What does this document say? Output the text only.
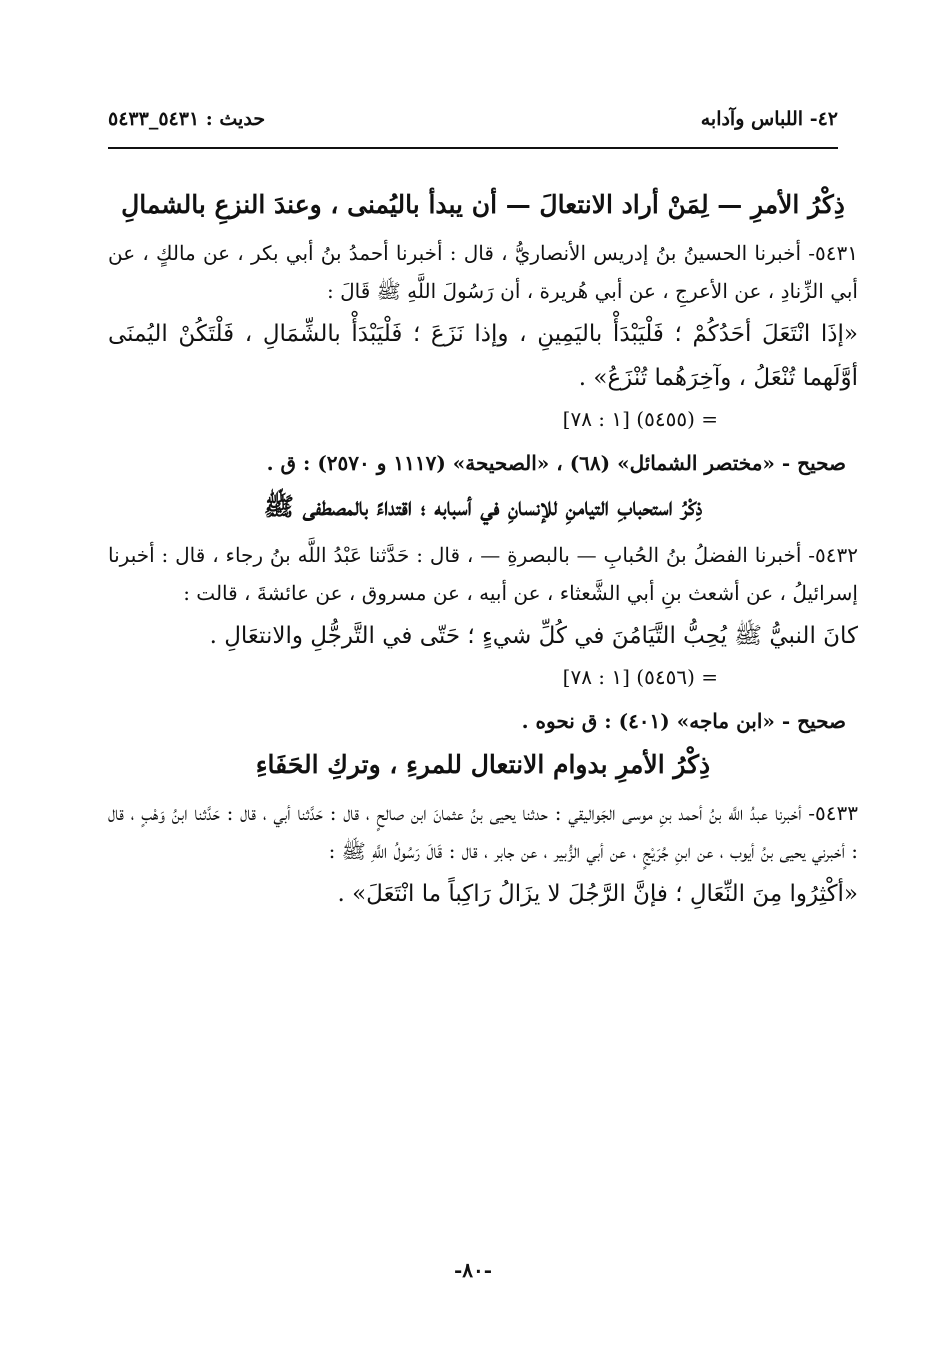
٤٢- اللباس وآدابه
حديث : ٥٤٣١_٥٤٣٣
ذِكْرُ الأمرِ — لِمَنْ أراد الانتعالَ — أن يبدأ باليُمنى ، وعندَ النزعِ بالشمالِ

٥٤٣١- أخبرنا الحسينُ بنُ إدريس الأنصاريُّ ، قال : أخبرنا أحمدُ بنُ أبي بكر ، عن مالكٍ ، عن أبي الزِّنادِ ، عن الأعرجِ ، عن أبي هُريرة ، أن رَسُولَ اللَّهِ ﷺ قَالَ :

«إذَا انْتَعَلَ أحَدُكُمْ ؛ فَلْيَبْدَأْ باليَمِينِ ، وإذا نَزَعَ ؛ فَلْيَبْدَأْ بالشِّمَالِ ، فَلْتَكُنْ اليُمنَى أوَّلَهما تُنْعَلُ ، وآخِرَهُما تُنْزَعُ» .

= (٥٤٥٥) [١ : ٧٨]

صحيح - «مختصر الشمائل» (٦٨) ، «الصحيحة» (١١١٧ و ٢٥٧٠) : ق .

ذِكْرُ استحبابِ التيامنِ للإنسانِ في أسبابه ؛ اقتداءً بالمصطفى ﷺ

٥٤٣٢- أخبرنا الفضلُ بنُ الحُبابِ — بالبصرةِ — ، قال : حَدَّثنا عَبْدُ اللَّه بنُ رجاء ، قال : أخبرنا إسرائيلُ ، عن أشعث بنِ أبي الشَّعثاء ، عن أبيه ، عن مسروق ، عن عائشةَ ، قالت :

كانَ النبيُّ ﷺ يُحِبُّ التَّيَامُنَ في كُلِّ شيءٍ ؛ حَتّى في التَّرجُّلِ والانتعَالِ .

= (٥٤٥٦) [١ : ٧٨]

صحيح - «ابن ماجه» (٤٠١) : ق نحوه .

ذِكْرُ الأمرِ بدوام الانتعال للمرءِ ، وتركِ الحَفَاءِ

٥٤٣٣- أخبرنا عبدُ اللَّه بنُ أحمد بنِ موسى الجَواليقي : حدثنا يحيى بنُ عثمانَ ابن صالحٍ ، قال : حَدَّثنا أبي ، قال : حَدَّثنا ابنُ وَهْبٍ ، قال : أخبرني يحيى بنُ أيوب ، عن ابنِ جُرَيْجٍ ، عن أبي الزُّبير ، عن جابر ، قال : قَالَ رَسُولُ اللَّهِ ﷺ :

«أكْثِرُوا مِنَ النِّعَالِ ؛ فإنَّ الرَّجُلَ لا يزَالُ رَاكِباً ما انْتَعَلَ» .

-٨٠-
